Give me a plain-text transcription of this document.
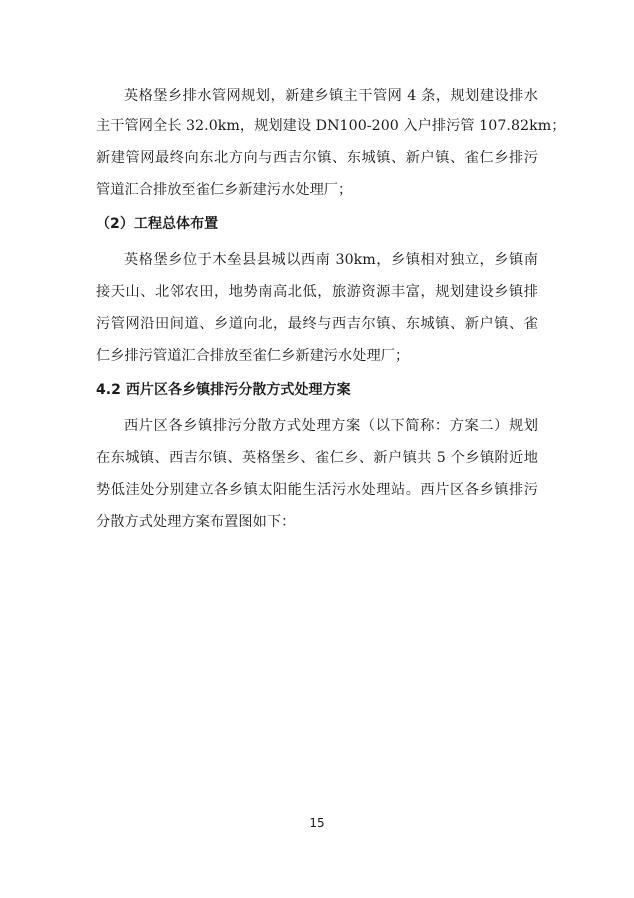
英格堡乡排水管网规划，新建乡镇主干管网 4 条，规划建设排水
主干管网全长 32.0km，规划建设 DN100-200 入户排污管 107.82km；
新建管网最终向东北方向与西吉尔镇、东城镇、新户镇、雀仁乡排污
管道汇合排放至雀仁乡新建污水处理厂；
（2）工程总体布置
英格堡乡位于木垒县县城以西南 30km，乡镇相对独立，乡镇南
接天山、北邻农田，地势南高北低，旅游资源丰富，规划建设乡镇排
污管网沿田间道、乡道向北，最终与西吉尔镇、东城镇、新户镇、雀
仁乡排污管道汇合排放至雀仁乡新建污水处理厂；
4.2 西片区各乡镇排污分散方式处理方案
西片区各乡镇排污分散方式处理方案（以下简称：方案二）规划
在东城镇、西吉尔镇、英格堡乡、雀仁乡、新户镇共 5 个乡镇附近地
势低洼处分别建立各乡镇太阳能生活污水处理站。西片区各乡镇排污
分散方式处理方案布置图如下：
15
